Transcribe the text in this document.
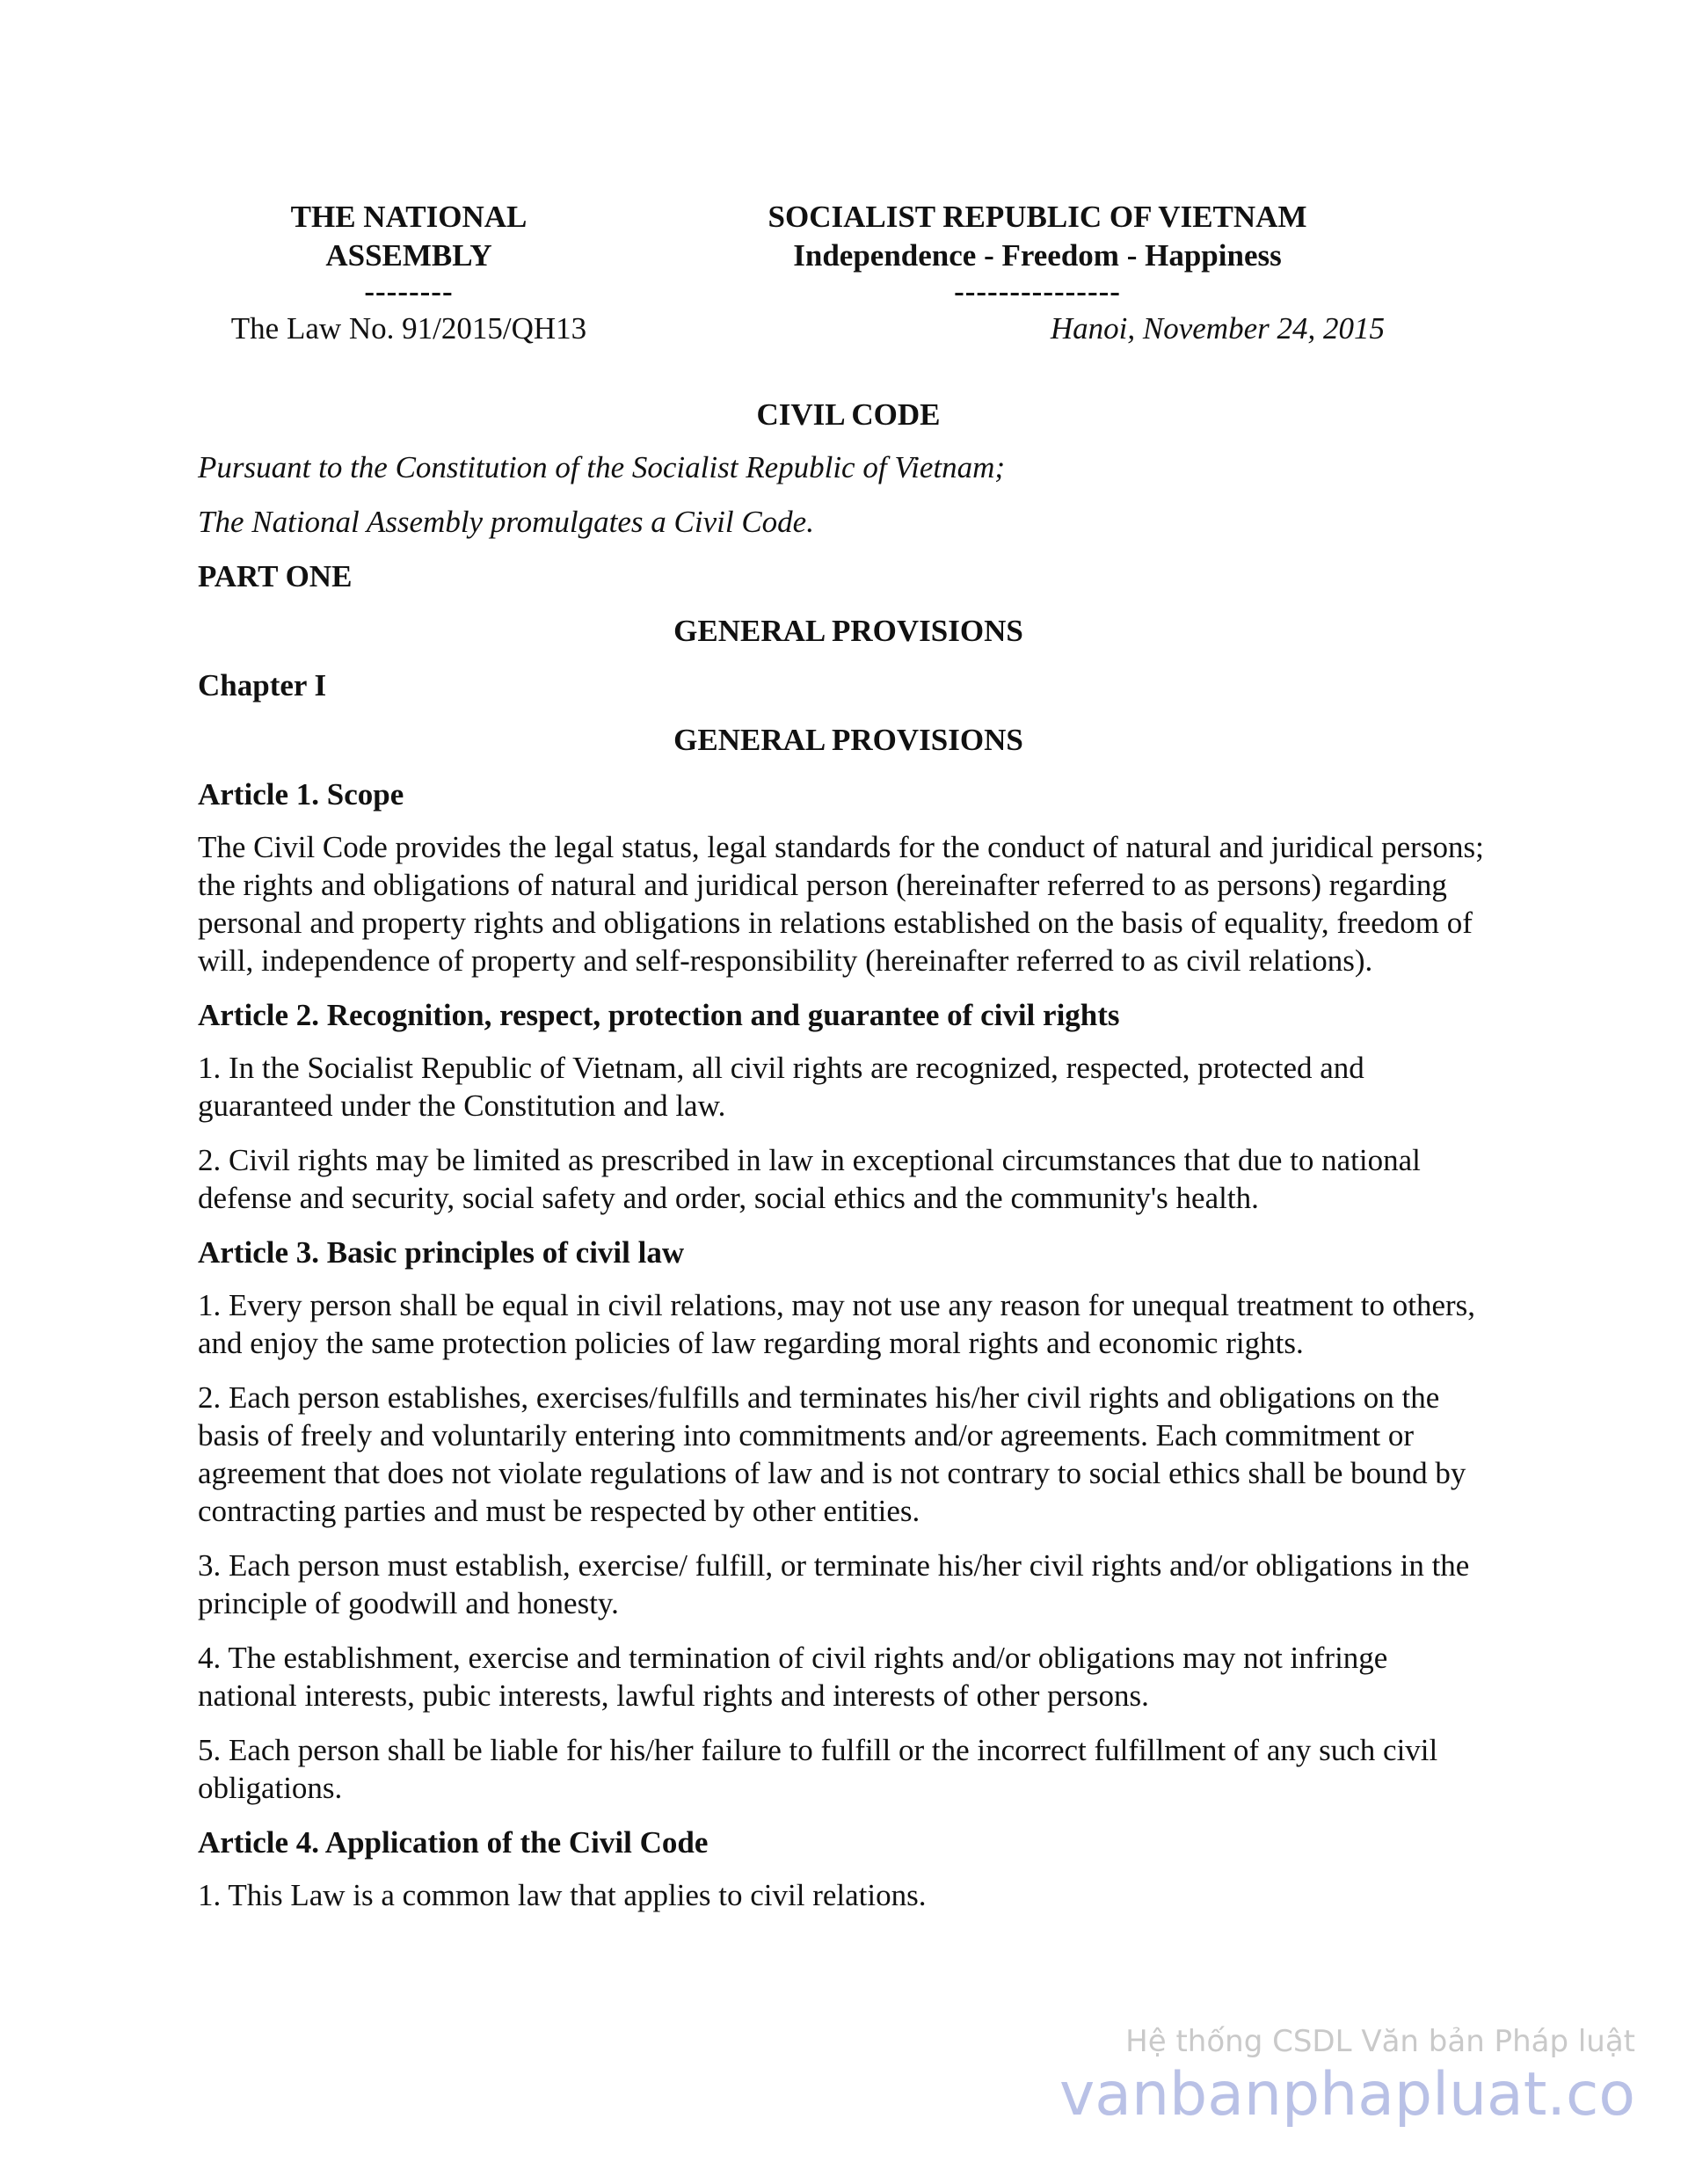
THE NATIONAL
ASSEMBLY
--------
SOCIALIST REPUBLIC OF VIETNAM
Independence - Freedom - Happiness
---------------
The Law No. 91/2015/QH13	Hanoi, November 24, 2015

CIVIL CODE

Pursuant to the Constitution of the Socialist Republic of Vietnam;

The National Assembly promulgates a Civil Code.

PART ONE

GENERAL PROVISIONS

Chapter I

GENERAL PROVISIONS

Article 1. Scope

The Civil Code provides the legal status, legal standards for the conduct of natural and juridical persons; the rights and obligations of natural and juridical person (hereinafter referred to as persons) regarding personal and property rights and obligations in relations established on the basis of equality, freedom of will, independence of property and self-responsibility (hereinafter referred to as civil relations).

Article 2. Recognition, respect, protection and guarantee of civil rights

1. In the Socialist Republic of Vietnam, all civil rights are recognized, respected, protected and guaranteed under the Constitution and law.

2. Civil rights may be limited as prescribed in law in exceptional circumstances that due to national defense and security, social safety and order, social ethics and the community's health.

Article 3. Basic principles of civil law

1. Every person shall be equal in civil relations, may not use any reason for unequal treatment to others, and enjoy the same protection policies of law regarding moral rights and economic rights.

2. Each person establishes, exercises/fulfills and terminates his/her civil rights and obligations on the basis of freely and voluntarily entering into commitments and/or agreements. Each commitment or agreement that does not violate regulations of law and is not contrary to social ethics shall be bound by contracting parties and must be respected by other entities.

3. Each person must establish, exercise/ fulfill, or terminate his/her civil rights and/or obligations in the principle of goodwill and honesty.

4. The establishment, exercise and termination of civil rights and/or obligations may not infringe national interests, pubic interests, lawful rights and interests of other persons.

5. Each person shall be liable for his/her failure to fulfill or the incorrect fulfillment of any such civil obligations.

Article 4. Application of the Civil Code

1. This Law is a common law that applies to civil relations.

Hệ thống CSDL Văn bản Pháp luật
vanbanphapluat.co
